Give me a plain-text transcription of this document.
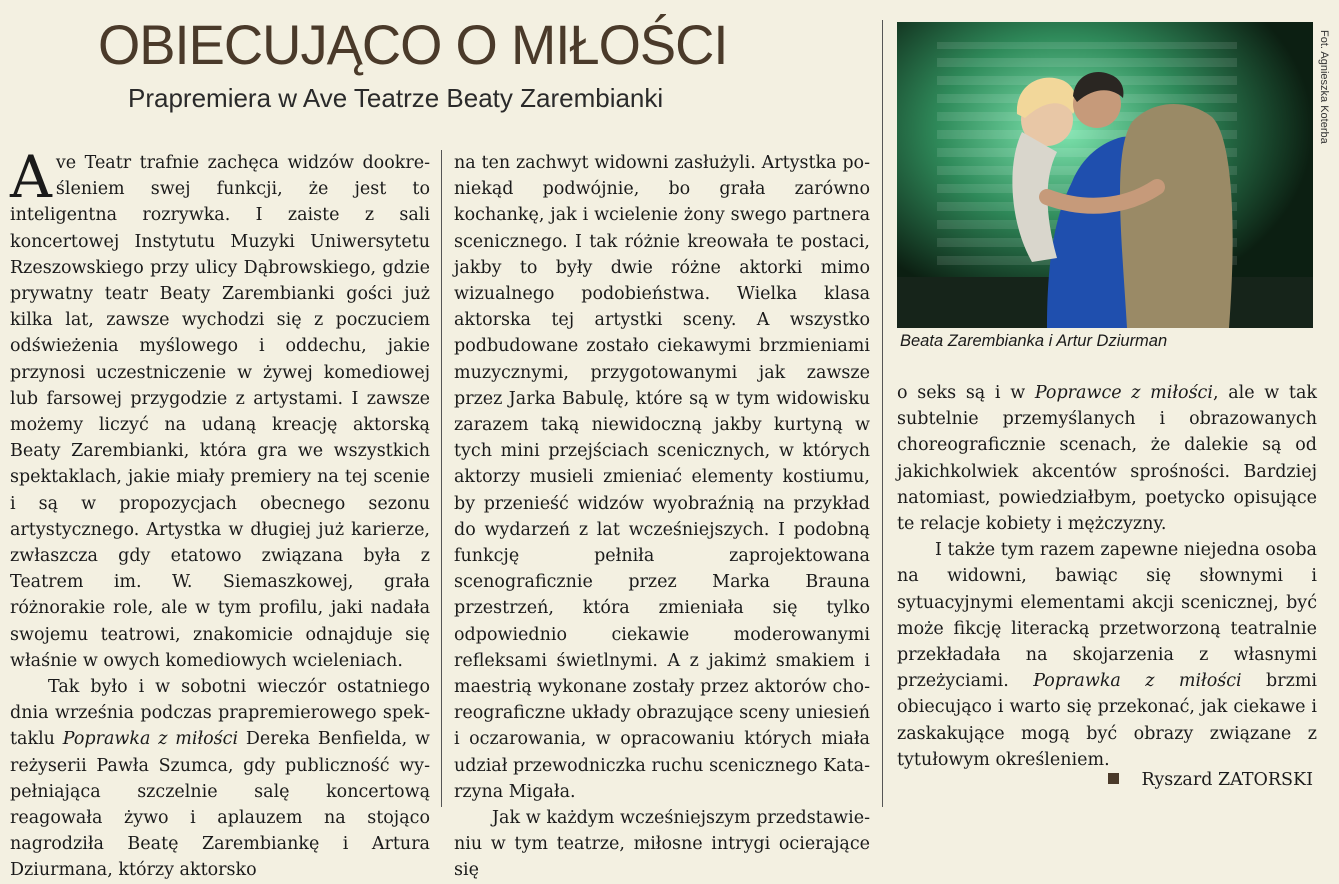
OBIECUJĄCO O MIŁOŚCI
Prapremiera w Ave Teatrze Beaty Zarembianki

Ave Teatr trafnie zachęca widzów dookreśleniem swej funkcji, że jest to inteligentna rozrywka. I zaiste z sali koncertowej Instytutu Muzyki Uniwersytetu Rzeszowskiego przy ulicy Dąbrowskiego, gdzie prywatny teatr Beaty Zarembianki gości już kilka lat, zawsze wychodzi się z poczuciem odświeżenia myślowego i oddechu, jakie przynosi uczestniczenie w żywej komediowej lub farsowej przygodzie z artystami. I zawsze możemy liczyć na udaną kreację aktorską Beaty Zarembianki, która gra we wszystkich spektaklach, jakie miały premiery na tej scenie i są w propozycjach obecnego sezonu artystycznego. Artystka w długiej już karierze, zwłaszcza gdy etatowo związana była z Teatrem im. W. Siemaszkowej, grała różnorakie role, ale w tym profilu, jaki nadała swojemu teatrowi, znakomicie odnajduje się właśnie w owych komediowych wcieleniach.

Tak było i w sobotni wieczór ostatniego dnia września podczas prapremierowego spektaklu Poprawka z miłości Dereka Benfielda, w reżyserii Pawła Szumca, gdy publiczność wypełniająca szczelnie salę koncertową reagowała żywo i aplauzem na stojąco nagrodziła Beatę Zarembiankę i Artura Dziurmana, którzy aktorsko

na ten zachwyt widowni zasłużyli. Artystka poniekąd podwójnie, bo grała zarówno kochankę, jak i wcielenie żony swego partnera scenicznego. I tak różnie kreowała te postaci, jakby to były dwie różne aktorki mimo wizualnego podobieństwa. Wielka klasa aktorska tej artystki sceny. A wszystko podbudowane zostało ciekawymi brzmieniami muzycznymi, przygotowanymi jak zawsze przez Jarka Babulę, które są w tym widowisku zarazem taką niewidoczną jakby kurtyną w tych mini przejściach scenicznych, w których aktorzy musieli zmieniać elementy kostiumu, by przenieść widzów wyobraźnią na przykład do wydarzeń z lat wcześniejszych. I podobną funkcję pełniła zaprojektowana scenograficznie przez Marka Brauna przestrzeń, która zmieniała się tylko odpowiednio ciekawie moderowanymi refleksami świetlnymi. A z jakimż smakiem i maestrią wykonane zostały przez aktorów choreograficzne układy obrazujące sceny uniesień i oczarowania, w opracowaniu których miała udział przewodniczka ruchu scenicznego Katarzyna Migała.

Jak w każdym wcześniejszym przedstawieniu w tym teatrze, miłosne intrygi ocierające się

Fot. Agnieszka Koterba
Beata Zarembianka i Artur Dziurman

o seks są i w Poprawce z miłości, ale w tak subtelnie przemyślanych i obrazowanych choreograficznie scenach, że dalekie są od jakichkolwiek akcentów sprośności. Bardziej natomiast, powiedziałbym, poetycko opisujące te relacje kobiety i mężczyzny.

I także tym razem zapewne niejedna osoba na widowni, bawiąc się słownymi i sytuacyjnymi elementami akcji scenicznej, być może fikcję literacką przetworzoną teatralnie przekładała na skojarzenia z własnymi przeżyciami. Poprawka z miłości brzmi obiecująco i warto się przekonać, jak ciekawe i zaskakujące mogą być obrazy związane z tytułowym określeniem.

Ryszard ZATORSKI
